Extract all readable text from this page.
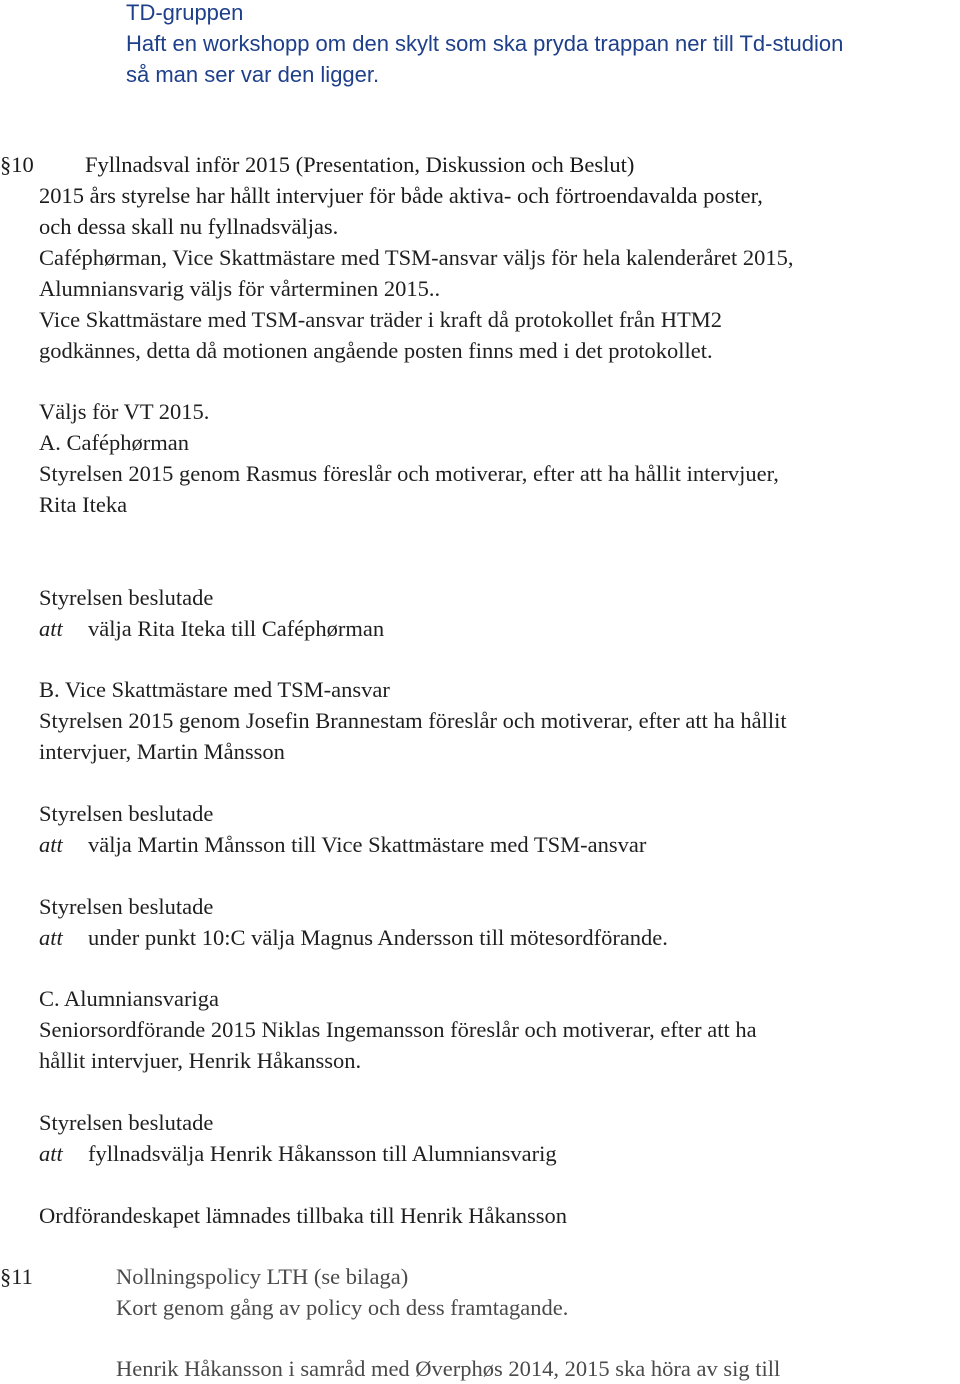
TD-gruppen

Haft en workshopp om den skylt som ska pryda trappan ner till Td-studion

så man ser var den ligger.

§10 Fyllnadsval inför 2015 (Presentation, Diskussion och Beslut)

2015 års styrelse har hållt intervjuer för både aktiva- och förtroendavalda poster,

och dessa skall nu fyllnadsväljas.

Caféphørman, Vice Skattmästare med TSM-ansvar väljs för hela kalenderåret 2015,

Alumniansvarig väljs för vårterminen 2015..

Vice Skattmästare med TSM-ansvar träder i kraft då protokollet från HTM2

godkännes, detta då motionen angående posten finns med i det protokollet.

Väljs för VT 2015.

A. Caféphørman

Styrelsen 2015 genom Rasmus föreslår och motiverar, efter att ha hållit intervjuer,

Rita Iteka

Styrelsen beslutade

att välja Rita Iteka till Caféphørman

B. Vice Skattmästare med TSM-ansvar

Styrelsen 2015 genom Josefin Brannestam föreslår och motiverar, efter att ha hållit

intervjuer, Martin Månsson

Styrelsen beslutade

att välja Martin Månsson till Vice Skattmästare med TSM-ansvar

Styrelsen beslutade

att under punkt 10:C välja Magnus Andersson till mötesordförande.

C. Alumniansvariga

Seniorsordförande 2015 Niklas Ingemansson föreslår och motiverar, efter att ha

hållit intervjuer, Henrik Håkansson.

Styrelsen beslutade

att fyllnadsvälja Henrik Håkansson till Alumniansvarig

Ordförandeskapet lämnades tillbaka till Henrik Håkansson

§11	Nollningspolicy LTH (se bilaga)

Kort genom gång av policy och dess framtagande.

Henrik Håkansson i samråd med Øverphøs 2014, 2015 ska höra av sig till
